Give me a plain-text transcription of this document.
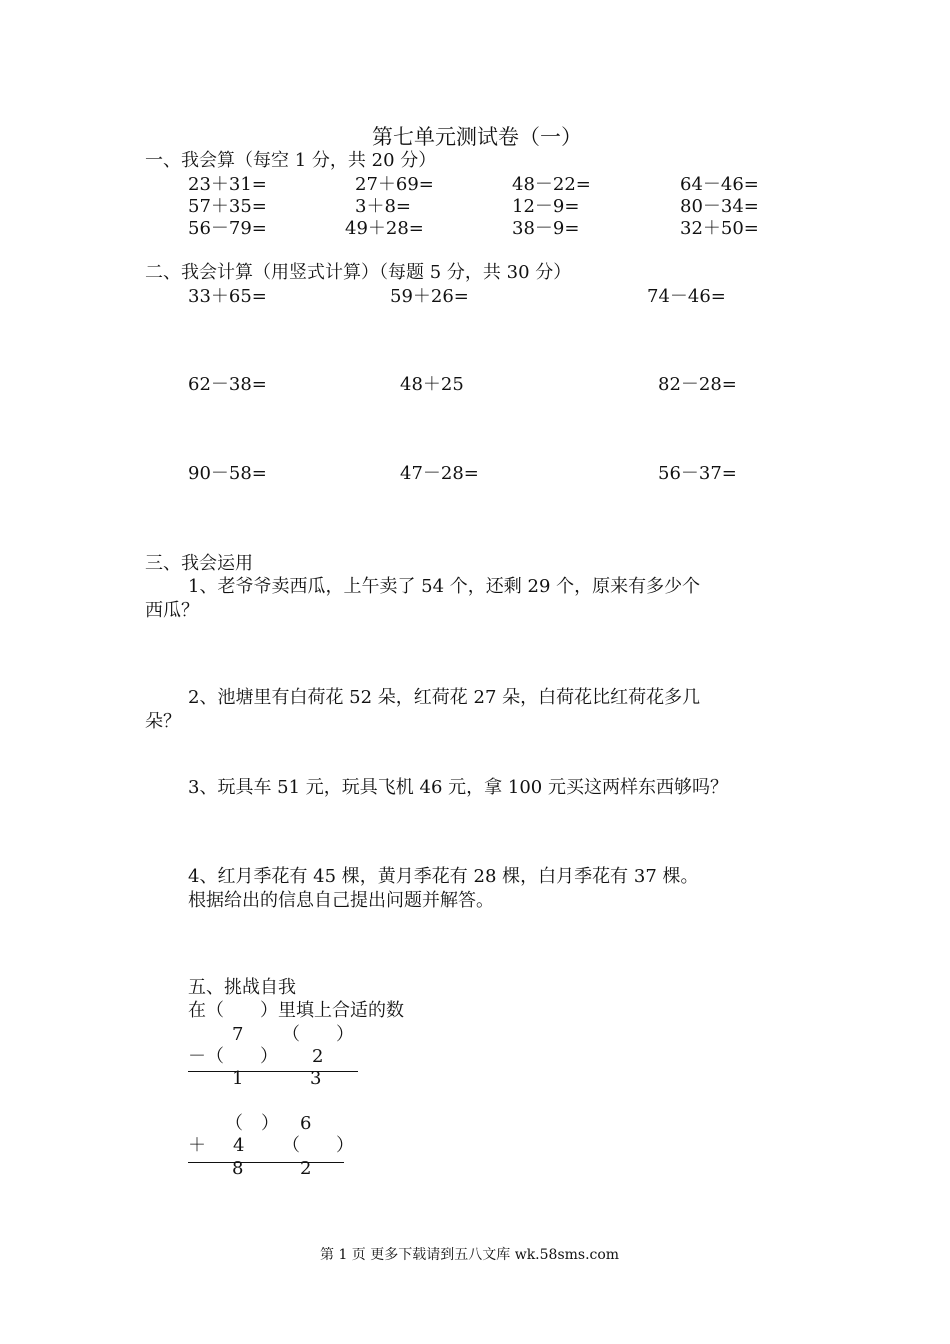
第七单元测试卷（一）
一、我会算（每空 1 分，共 20 分）
23＋31=	27＋69=	48－22=	64－46=
57＋35=	3＋8=	12－9=	80－34=
56－79=	49＋28=	38－9=	32＋50=
二、我会计算（用竖式计算）（每题 5 分，共 30 分）
33＋65=	59＋26=	74－46=
62－38=	48＋25	82－28=
90－58=	47－28=	56－37=
三、我会运用
1、老爷爷卖西瓜，上午卖了 54 个，还剩 29 个，原来有多少个
西瓜？
2、池塘里有白荷花 52 朵，红荷花 27 朵，白荷花比红荷花多几
朵？
3、玩具车 51 元，玩具飞机 46 元，拿 100 元买这两样东西够吗？
4、红月季花有 45 棵，黄月季花有 28 棵，白月季花有 37 棵。
根据给出的信息自己提出问题并解答。
五、挑战自我
在（　　）里填上合适的数
7 （　　）
－（　　） 2
1	3
（　） 6
＋ 4 （　　）
8	2
第 1 页 更多下载请到五八文库 wk.58sms.com
